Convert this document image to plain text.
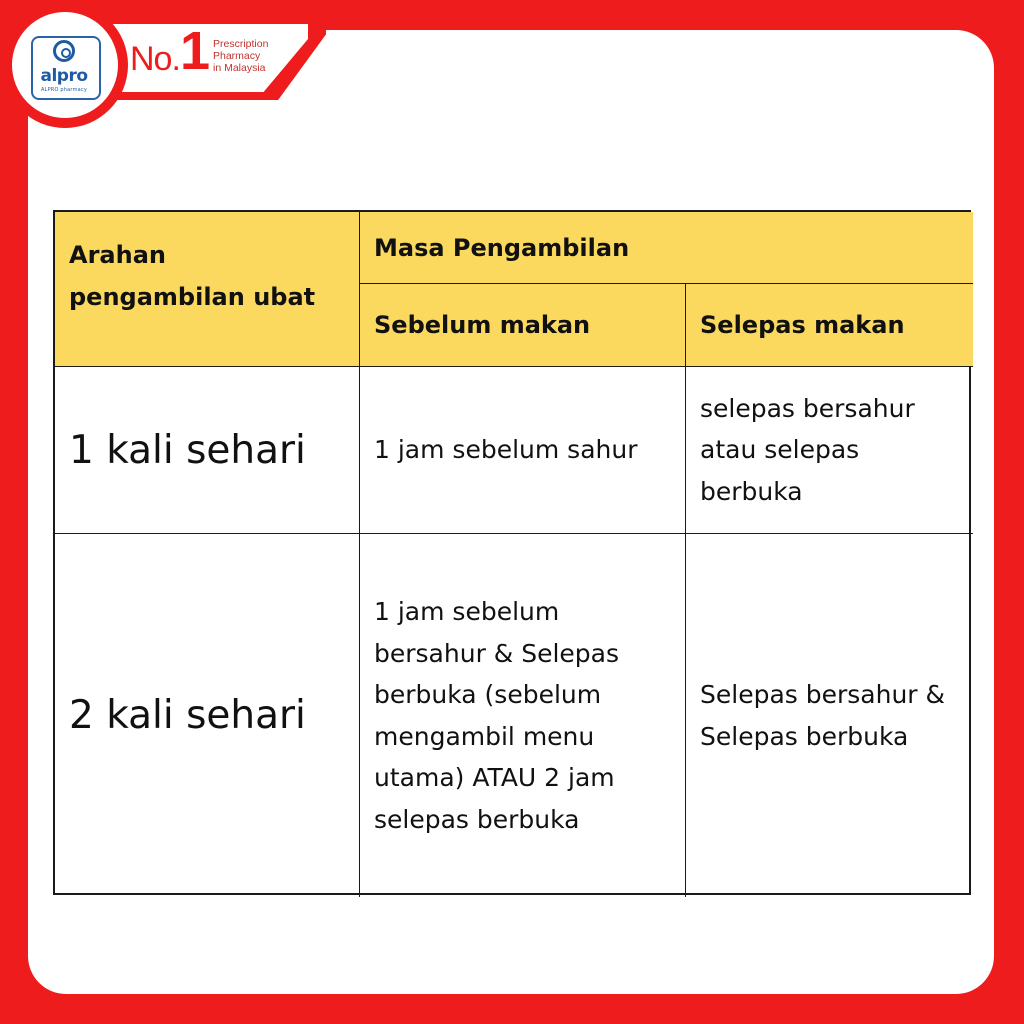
alpro
ALPRO pharmacy
No. 1 Prescription
Pharmacy
in Malaysia
Arahan pengambilan ubat
Masa Pengambilan
Sebelum makan	Selepas makan
1 kali sehari	1 jam sebelum sahur
selepas bersahur atau selepas berbuka
2 kali sehari
1 jam sebelum bersahur & Selepas berbuka (sebelum mengambil menu utama) ATAU 2 jam selepas berbuka
Selepas bersahur & Selepas berbuka
